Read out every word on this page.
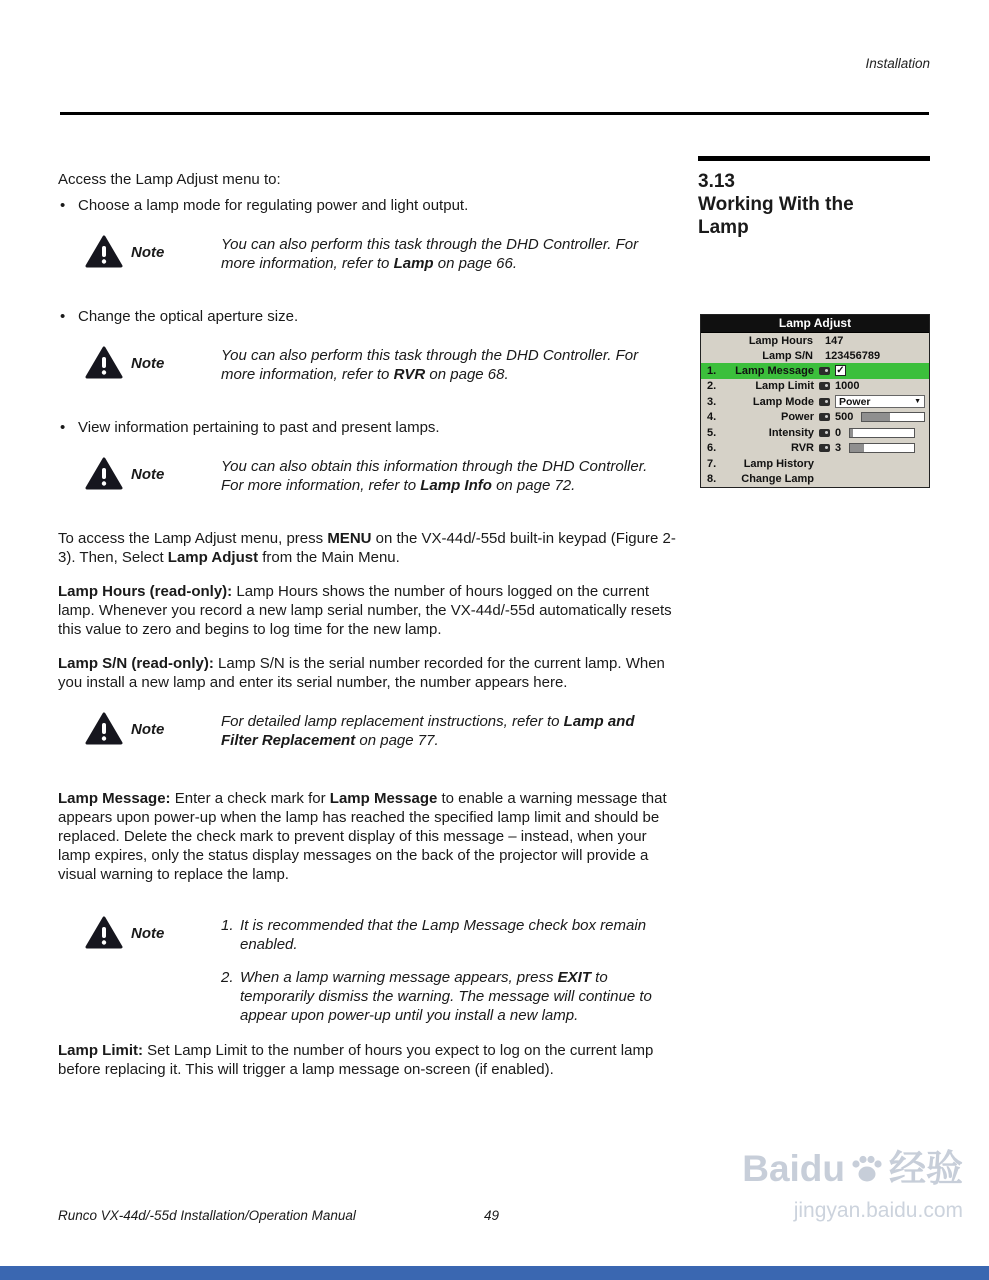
Installation

Access the Lamp Adjust menu to:

• Choose a lamp mode for regulating power and light output.
Note	You can also perform this task through the DHD Controller. For more information, refer to Lamp on page 66.
• Change the optical aperture size.
Note	You can also perform this task through the DHD Controller. For more information, refer to RVR on page 68.
• View information pertaining to past and present lamps.
Note	You can also obtain this information through the DHD Controller. For more information, refer to Lamp Info on page 72.

To access the Lamp Adjust menu, press MENU on the VX-44d/-55d built-in keypad (Figure 2-3). Then, Select Lamp Adjust from the Main Menu.

Lamp Hours (read-only): Lamp Hours shows the number of hours logged on the current lamp. Whenever you record a new lamp serial number, the VX-44d/-55d automatically resets this value to zero and begins to log time for the new lamp.

Lamp S/N (read-only): Lamp S/N is the serial number recorded for the current lamp. When you install a new lamp and enter its serial number, the number appears here.

Note	For detailed lamp replacement instructions, refer to Lamp and Filter Replacement on page 77.

Lamp Message: Enter a check mark for Lamp Message to enable a warning message that appears upon power-up when the lamp has reached the specified lamp limit and should be replaced. Delete the check mark to prevent display of this message – instead, when your lamp expires, only the status display messages on the back of the projector will provide a visual warning to replace the lamp.

Note	1. It is recommended that the Lamp Message check box remain enabled.
2. When a lamp warning message appears, press EXIT to temporarily dismiss the warning. The message will continue to appear upon power-up until you install a new lamp.

Lamp Limit: Set Lamp Limit to the number of hours you expect to log on the current lamp before replacing it. This will trigger a lamp message on-screen (if enabled).

3.13
Working With the Lamp
Lamp Adjust
Lamp Hours 147
Lamp S/N 123456789
1.	Lamp Message ✓
2.	Lamp Limit 1000
3.	Lamp Mode Power	▼
4.	Power 500
5.	Intensity 0
6.	RVR 3
7.	Lamp History
8.	Change Lamp
Runco VX-44d/-55d Installation/Operation Manual	49
Baidu 经验
jingyan.baidu.com
